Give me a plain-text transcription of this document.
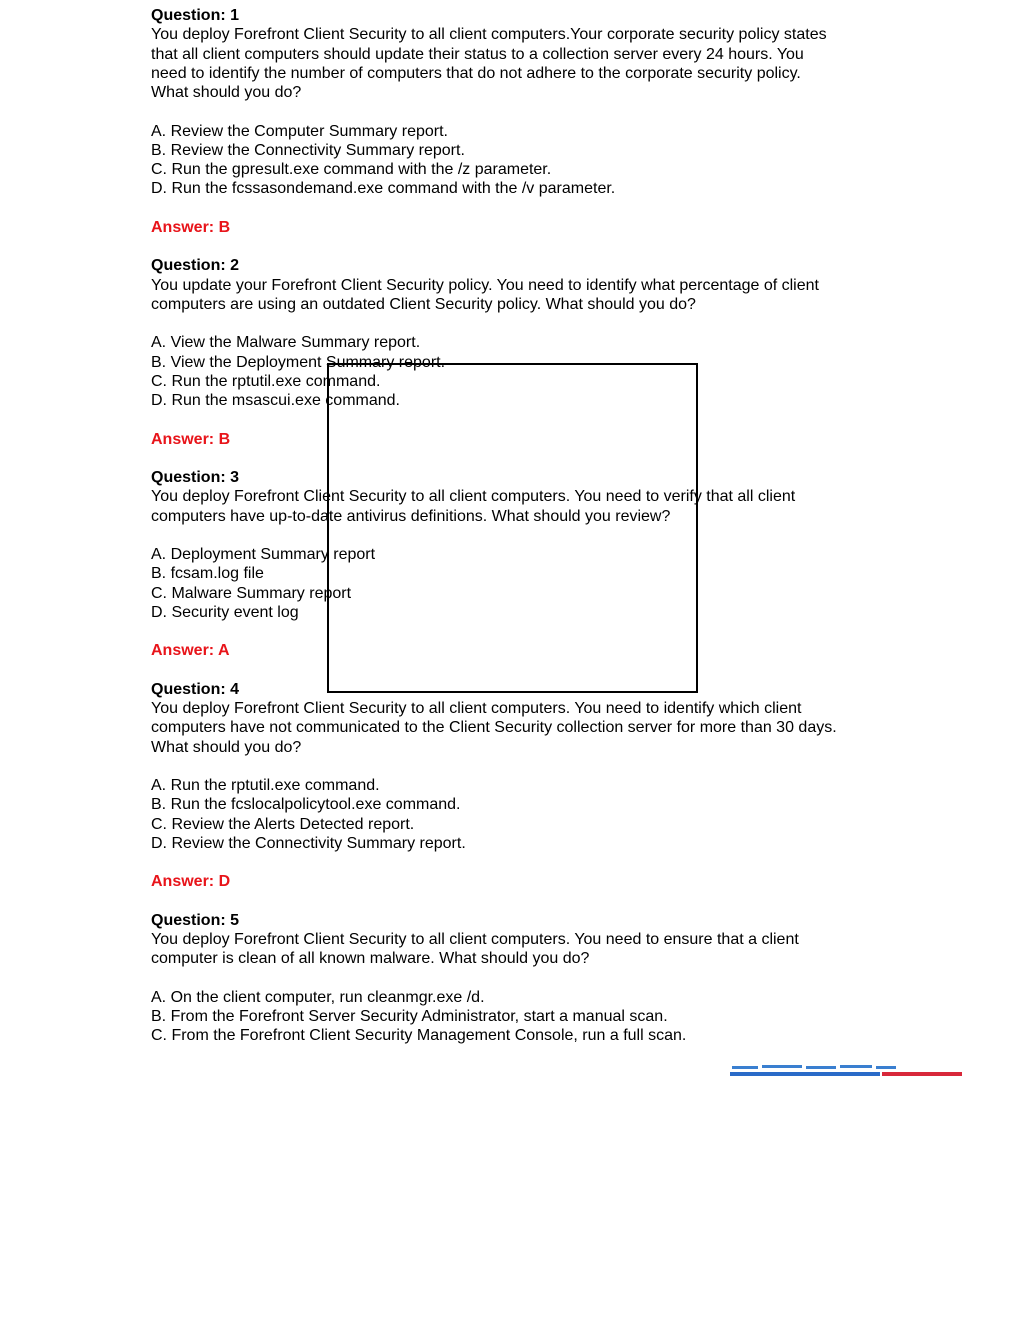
Question: 1
You deploy Forefront Client Security to all client computers.Your corporate security policy states
that all client computers should update their status to a collection server every 24 hours. You
need to identify the number of computers that do not adhere to the corporate security policy.
What should you do?
A. Review the Computer Summary report.
B. Review the Connectivity Summary report.
C. Run the gpresult.exe command with the /z parameter.
D. Run the fcssasondemand.exe command with the /v parameter.
Answer: B
Question: 2
You update your Forefront Client Security policy. You need to identify what percentage of client
computers are using an outdated Client Security policy. What should you do?
A. View the Malware Summary report.
B. View the Deployment Summary report.
C. Run the rptutil.exe command.
D. Run the msascui.exe command.
Answer: B
Question: 3
You deploy Forefront Client Security to all client computers. You need to verify that all client
computers have up-to-date antivirus definitions. What should you review?
A. Deployment Summary report
B. fcsam.log file
C. Malware Summary report
D. Security event log
Answer: A
Question: 4
You deploy Forefront Client Security to all client computers. You need to identify which client
computers have not communicated to the Client Security collection server for more than 30 days.
What should you do?
A. Run the rptutil.exe command.
B. Run the fcslocalpolicytool.exe command.
C. Review the Alerts Detected report.
D. Review the Connectivity Summary report.
Answer: D
Question: 5
You deploy Forefront Client Security to all client computers. You need to ensure that a client
computer is clean of all known malware. What should you do?
A. On the client computer, run cleanmgr.exe /d.
B. From the Forefront Server Security Administrator, start a manual scan.
C. From the Forefront Client Security Management Console, run a full scan.
